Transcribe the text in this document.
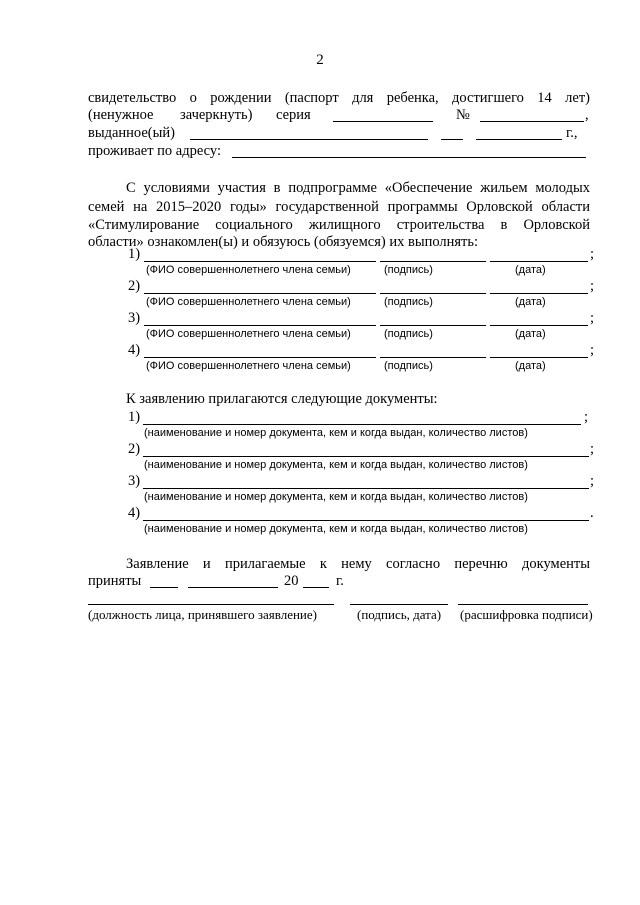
2
свидетельство о рождении (паспорт для ребенка, достигшего 14 лет)
(ненужное зачеркнуть) серия	№	,
выданное(ый)	г.,
проживает по адресу:
С условиями участия в подпрограмме «Обеспечение жильем молодых
семей на 2015–2020 годы» государственной программы Орловской области
«Стимулирование социального жилищного строительства в Орловской
области» ознакомлен(ы) и обязуюсь (обязуемся) их выполнять:
1)	;
(ФИО совершеннолетнего члена семьи)	(подпись)	(дата)
2)	;
(ФИО совершеннолетнего члена семьи)	(подпись)	(дата)
3)	;
(ФИО совершеннолетнего члена семьи)	(подпись)	(дата)
4)	;
(ФИО совершеннолетнего члена семьи)	(подпись)	(дата)
К заявлению прилагаются следующие документы:
1)	;
(наименование и номер документа, кем и когда выдан, количество листов)
2)	;
(наименование и номер документа, кем и когда выдан, количество листов)
3)	;
(наименование и номер документа, кем и когда выдан, количество листов)
4)	.
(наименование и номер документа, кем и когда выдан, количество листов)
Заявление и прилагаемые к нему согласно перечню документы
приняты	20	г.
(должность лица, принявшего заявление)	(подпись, дата) (расшифровка подписи)
